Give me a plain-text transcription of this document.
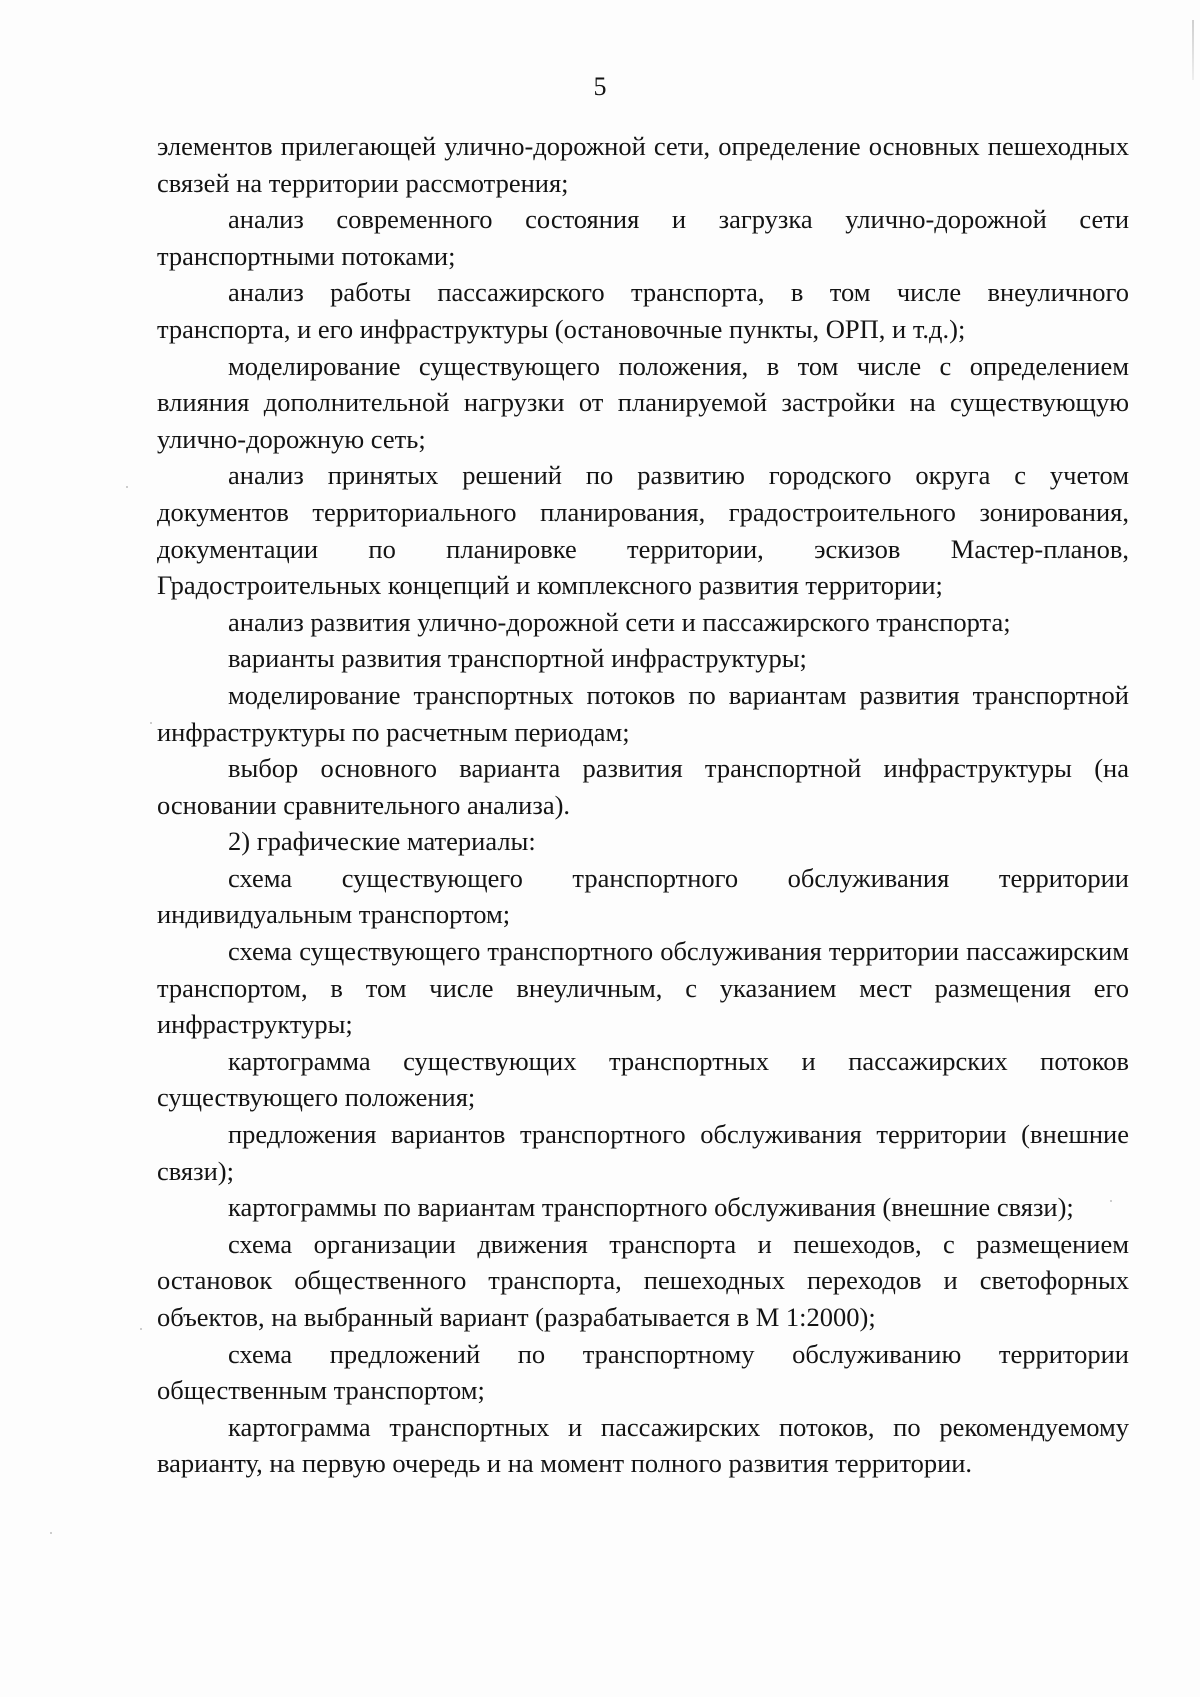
5

элементов прилегающей улично-дорожной сети, определение основных пешеходных связей на территории рассмотрения;

анализ современного состояния и загрузка улично-дорожной сети транспортными потоками;

анализ работы пассажирского транспорта, в том числе внеуличного транспорта, и его инфраструктуры (остановочные пункты, ОРП, и т.д.);

моделирование существующего положения, в том числе с определением влияния дополнительной нагрузки от планируемой застройки на существующую улично-дорожную сеть;

анализ принятых решений по развитию городского округа с учетом документов территориального планирования, градостроительного зонирования, документации по планировке территории, эскизов Мастер-планов, Градостроительных концепций и комплексного развития территории;

анализ развития улично-дорожной сети и пассажирского транспорта;

варианты развития транспортной инфраструктуры;

моделирование транспортных потоков по вариантам развития транспортной инфраструктуры по расчетным периодам;

выбор основного варианта развития транспортной инфраструктуры (на основании сравнительного анализа).

2) графические материалы:

схема существующего транспортного обслуживания территории индивидуальным транспортом;

схема существующего транспортного обслуживания территории пассажирским транспортом, в том числе внеуличным, с указанием мест размещения его инфраструктуры;

картограмма существующих транспортных и пассажирских потоков существующего положения;

предложения вариантов транспортного обслуживания территории (внешние связи);

картограммы по вариантам транспортного обслуживания (внешние связи);

схема организации движения транспорта и пешеходов, с размещением остановок общественного транспорта, пешеходных переходов и светофорных объектов, на выбранный вариант (разрабатывается в М 1:2000);

схема предложений по транспортному обслуживанию территории общественным транспортом;

картограмма транспортных и пассажирских потоков, по рекомендуемому варианту, на первую очередь и на момент полного развития территории.
